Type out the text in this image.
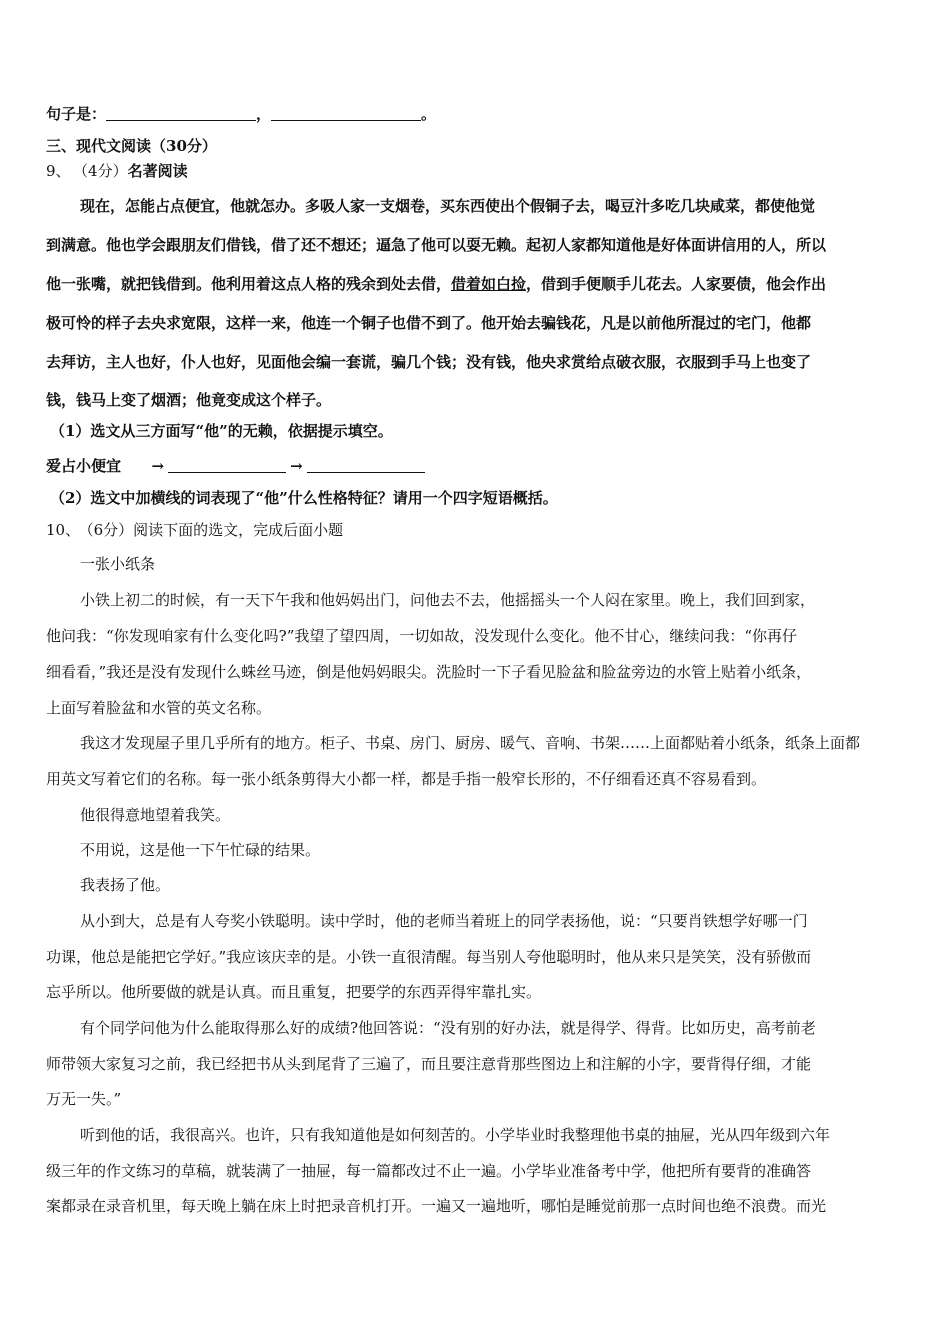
句子是：	，	。
三、现代文阅读（30分）
9、 （4分）名著阅读
现在，怎能占点便宜，他就怎办。多吸人家一支烟卷，买东西使出个假铜子去，喝豆汁多吃几块咸菜，都使他觉
到满意。他也学会跟朋友们借钱，借了还不想还；逼急了他可以耍无赖。起初人家都知道他是好体面讲信用的人，所以
他一张嘴，就把钱借到。他利用着这点人格的残余到处去借，借着如白捡，借到手便顺手儿花去。人家要债，他会作出
极可怜的样子去央求宽限，这样一来，他连一个铜子也借不到了。他开始去骗钱花，凡是以前他所混过的宅门，他都
去拜访，主人也好，仆人也好，见面他会编一套谎，骗几个钱；没有钱，他央求赏给点破衣服，衣服到手马上也变了
钱，钱马上变了烟酒；他竟变成这个样子。
（1）选文从三方面写“他”的无赖，依据提示填空。
爱占小便宜 →	→
（2）选文中加横线的词表现了“他”什么性格特征？请用一个四字短语概括。
10、 （6分）阅读下面的选文，完成后面小题
一张小纸条
小铁上初二的时候，有一天下午我和他妈妈出门，问他去不去，他摇摇头一个人闷在家里。晚上，我们回到家，
他问我：“你发现咱家有什么变化吗?”我望了望四周，一切如故，没发现什么变化。他不甘心，继续问我：“你再仔
细看看，”我还是没有发现什么蛛丝马迹，倒是他妈妈眼尖。洗脸时一下子看见脸盆和脸盆旁边的水管上贴着小纸条，
上面写着脸盆和水管的英文名称。
我这才发现屋子里几乎所有的地方。柜子、书桌、房门、厨房、暖气、音响、书架……上面都贴着小纸条，纸条上面都
用英文写着它们的名称。每一张小纸条剪得大小都一样，都是手指一般窄长形的，不仔细看还真不容易看到。
他很得意地望着我笑。
不用说，这是他一下午忙碌的结果。
我表扬了他。
从小到大，总是有人夸奖小铁聪明。读中学时，他的老师当着班上的同学表扬他，说：“只要肖铁想学好哪一门
功课，他总是能把它学好。”我应该庆幸的是。小铁一直很清醒。每当别人夸他聪明时，他从来只是笑笑，没有骄傲而
忘乎所以。他所要做的就是认真。而且重复，把要学的东西弄得牢靠扎实。
有个同学问他为什么能取得那么好的成绩?他回答说：“没有别的好办法，就是得学、得背。比如历史，高考前老
师带领大家复习之前，我已经把书从头到尾背了三遍了，而且要注意背那些图边上和注解的小字，要背得仔细，才能
万无一失。”
听到他的话，我很高兴。也许，只有我知道他是如何刻苦的。小学毕业时我整理他书桌的抽屉，光从四年级到六年
级三年的作文练习的草稿，就装满了一抽屉，每一篇都改过不止一遍。小学毕业准备考中学，他把所有要背的准确答
案都录在录音机里，每天晚上躺在床上时把录音机打开。一遍又一遍地听，哪怕是睡觉前那一点时间也绝不浪费。而光
